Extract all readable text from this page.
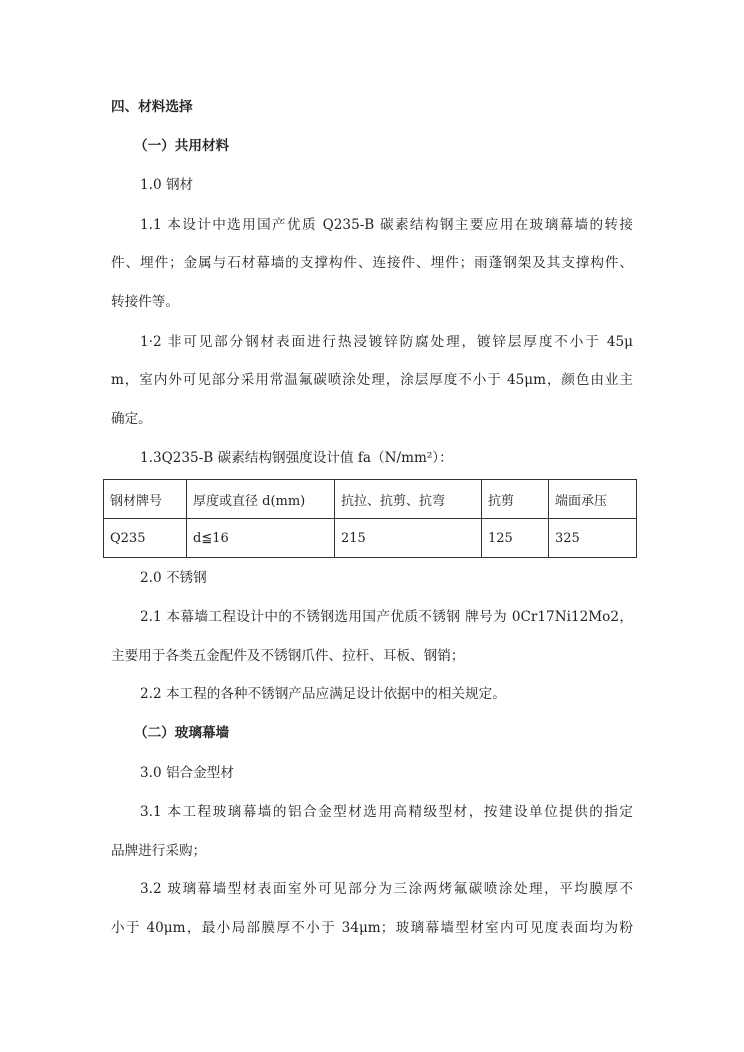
四、材料选择
（一）共用材料
1.0 钢材
1.1 本设计中选用国产优质 Q235-B 碳素结构钢主要应用在玻璃幕墙的转接
件、埋件；金属与石材幕墙的支撑构件、连接件、埋件；雨蓬钢架及其支撑构件、
转接件等。
1·2 非可见部分钢材表面进行热浸镀锌防腐处理，镀锌层厚度不小于 45μ
m，室内外可见部分采用常温氟碳喷涂处理，涂层厚度不小于 45μm，颜色由业主
确定。
1.3Q235-B 碳素结构钢强度设计值 fa（N/mm²）：
钢材牌号	厚度或直径 d(mm)	抗拉、抗剪、抗弯	抗剪	端面承压
Q235	d≦16	215	125	325
2.0 不锈钢
2.1 本幕墙工程设计中的不锈钢选用国产优质不锈钢 牌号为 0Cr17Ni12Mo2，
主要用于各类五金配件及不锈钢爪件、拉杆、耳板、钢销；
2.2 本工程的各种不锈钢产品应满足设计依据中的相关规定。
（二）玻璃幕墙
3.0 铝合金型材
3.1 本工程玻璃幕墙的铝合金型材选用高精级型材，按建设单位提供的指定
品牌进行采购；
3.2 玻璃幕墙型材表面室外可见部分为三涂两烤氟碳喷涂处理，平均膜厚不
小于 40μm，最小局部膜厚不小于 34μm；玻璃幕墙型材室内可见度表面均为粉
